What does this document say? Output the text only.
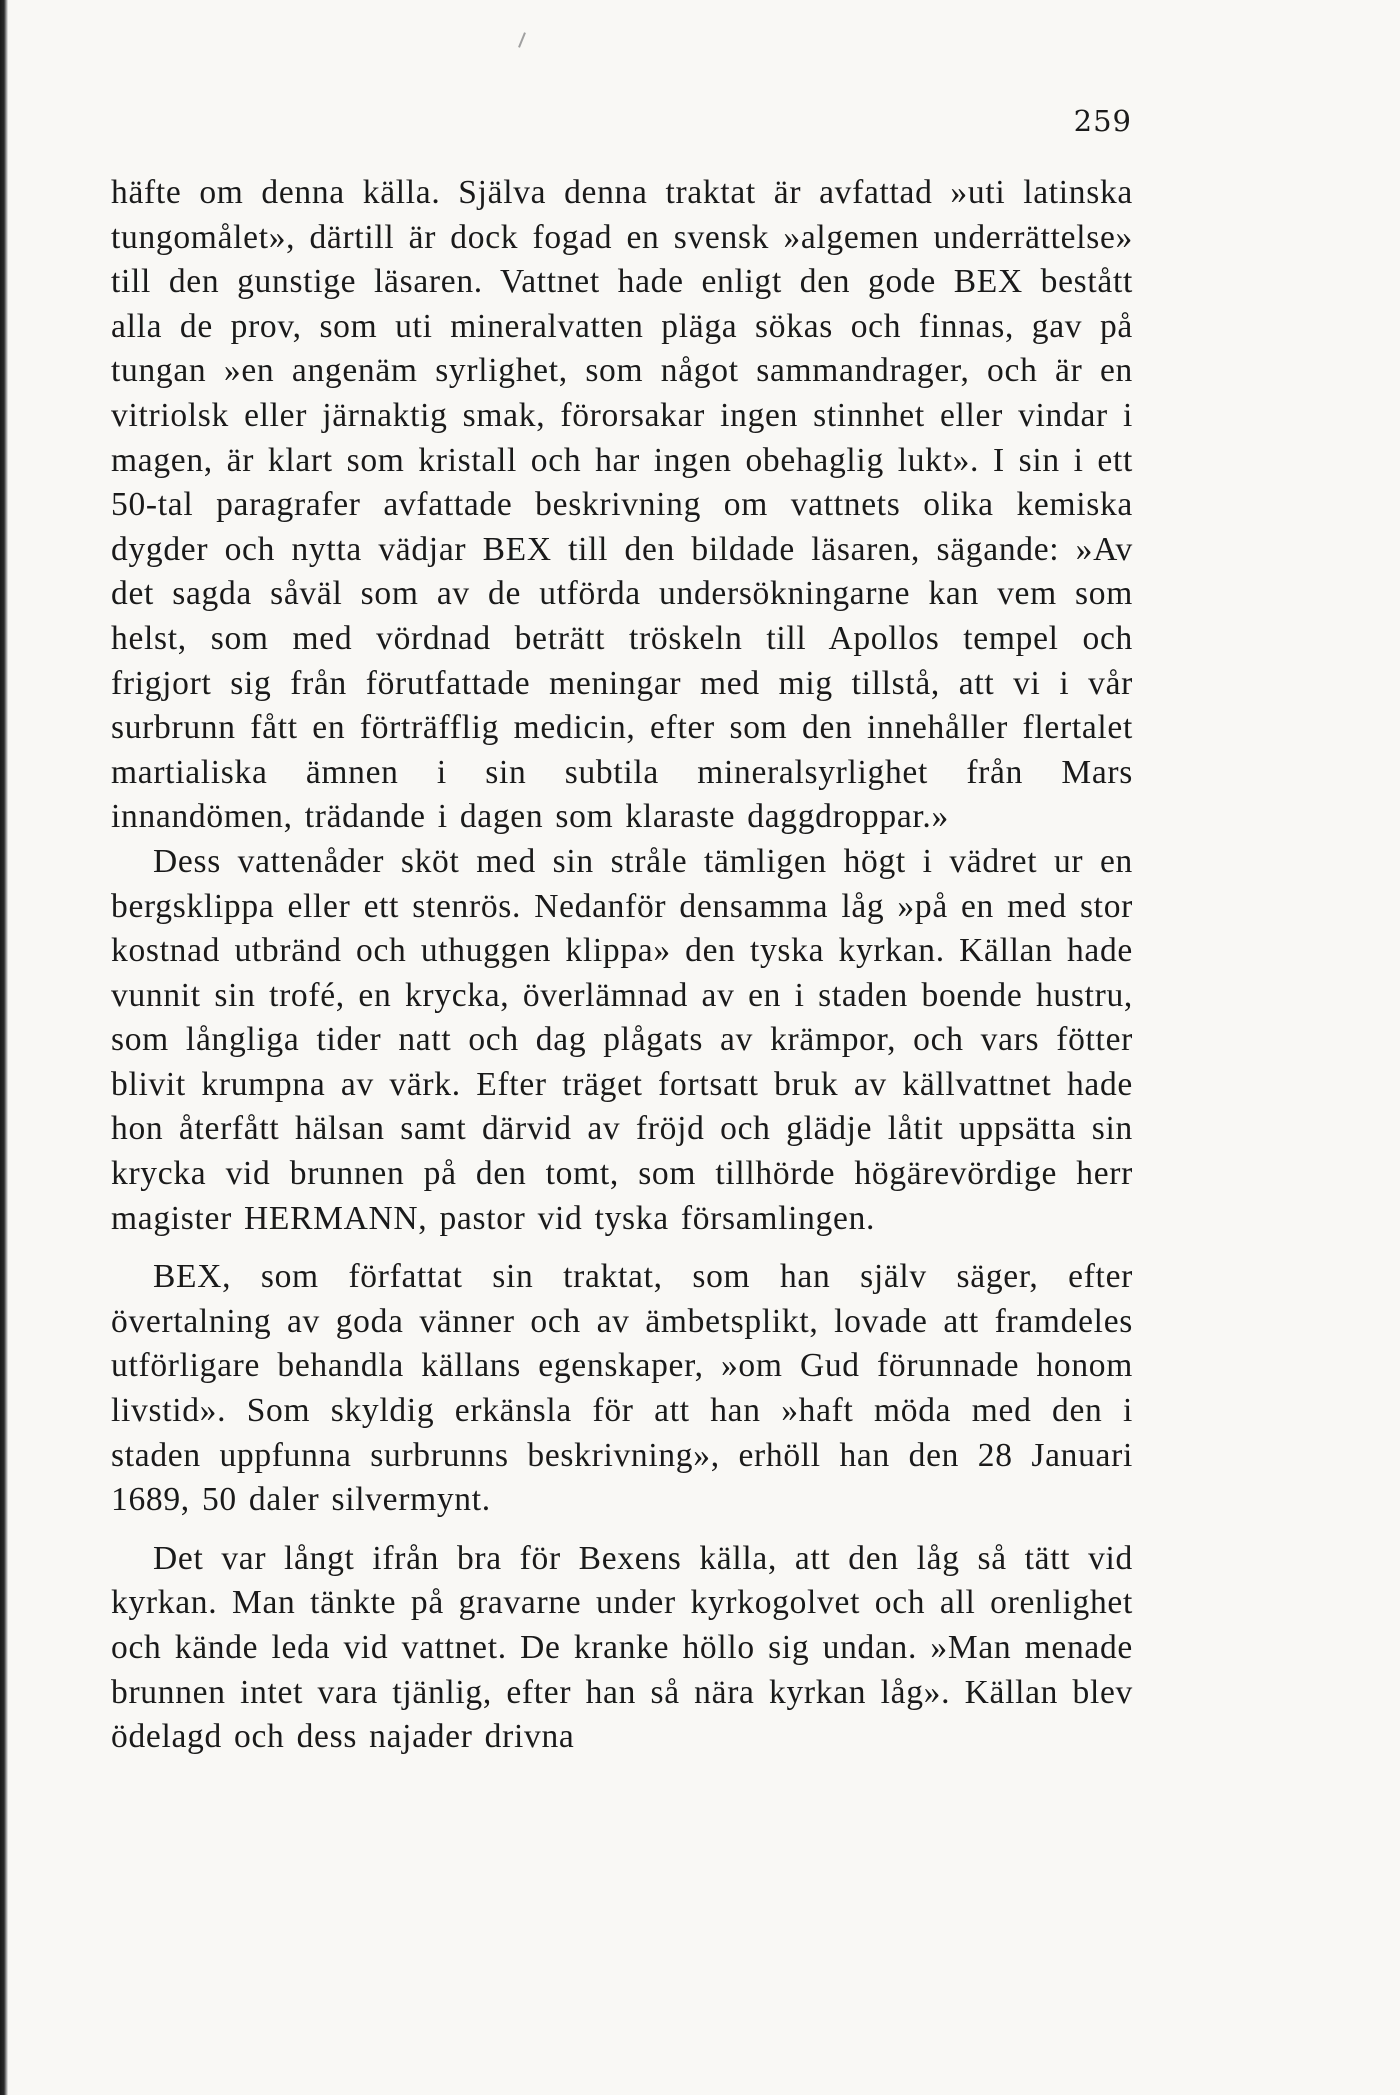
259

häfte om denna källa. Själva denna traktat är avfattad »uti latinska tungomålet», därtill är dock fogad en svensk »algemen underrättelse» till den gunstige läsaren. Vattnet hade enligt den gode BEX bestått alla de prov, som uti mineralvatten pläga sökas och finnas, gav på tungan »en angenäm syrlighet, som något sammandrager, och är en vitriolsk eller järnaktig smak, förorsakar ingen stinnhet eller vindar i magen, är klart som kristall och har ingen obehaglig lukt». I sin i ett 50-tal paragrafer avfattade beskrivning om vattnets olika kemiska dygder och nytta vädjar BEX till den bildade läsaren, sägande: »Av det sagda såväl som av de utförda undersökningarne kan vem som helst, som med vördnad beträtt tröskeln till Apollos tempel och frigjort sig från förutfattade meningar med mig tillstå, att vi i vår surbrunn fått en förträfflig medicin, efter som den innehåller flertalet martialiska ämnen i sin subtila mineralsyrlighet från Mars innandömen, trädande i dagen som klaraste daggdroppar.»

Dess vattenåder sköt med sin stråle tämligen högt i vädret ur en bergsklippa eller ett stenrös. Nedanför densamma låg »på en med stor kostnad utbränd och uthuggen klippa» den tyska kyrkan. Källan hade vunnit sin trofé, en krycka, överlämnad av en i staden boende hustru, som långliga tider natt och dag plågats av krämpor, och vars fötter blivit krumpna av värk. Efter träget fortsatt bruk av källvattnet hade hon återfått hälsan samt därvid av fröjd och glädje låtit uppsätta sin krycka vid brunnen på den tomt, som tillhörde högärevördige herr magister HERMANN, pastor vid tyska församlingen.

BEX, som författat sin traktat, som han själv säger, efter övertalning av goda vänner och av ämbetsplikt, lovade att framdeles utförligare behandla källans egenskaper, »om Gud förunnade honom livstid». Som skyldig erkänsla för att han »haft möda med den i staden uppfunna surbrunns beskrivning», erhöll han den 28 Januari 1689, 50 daler silvermynt.

Det var långt ifrån bra för Bexens källa, att den låg så tätt vid kyrkan. Man tänkte på gravarne under kyrkogolvet och all orenlighet och kände leda vid vattnet. De kranke höllo sig undan. »Man menade brunnen intet vara tjänlig, efter han så nära kyrkan låg». Källan blev ödelagd och dess najader drivna
